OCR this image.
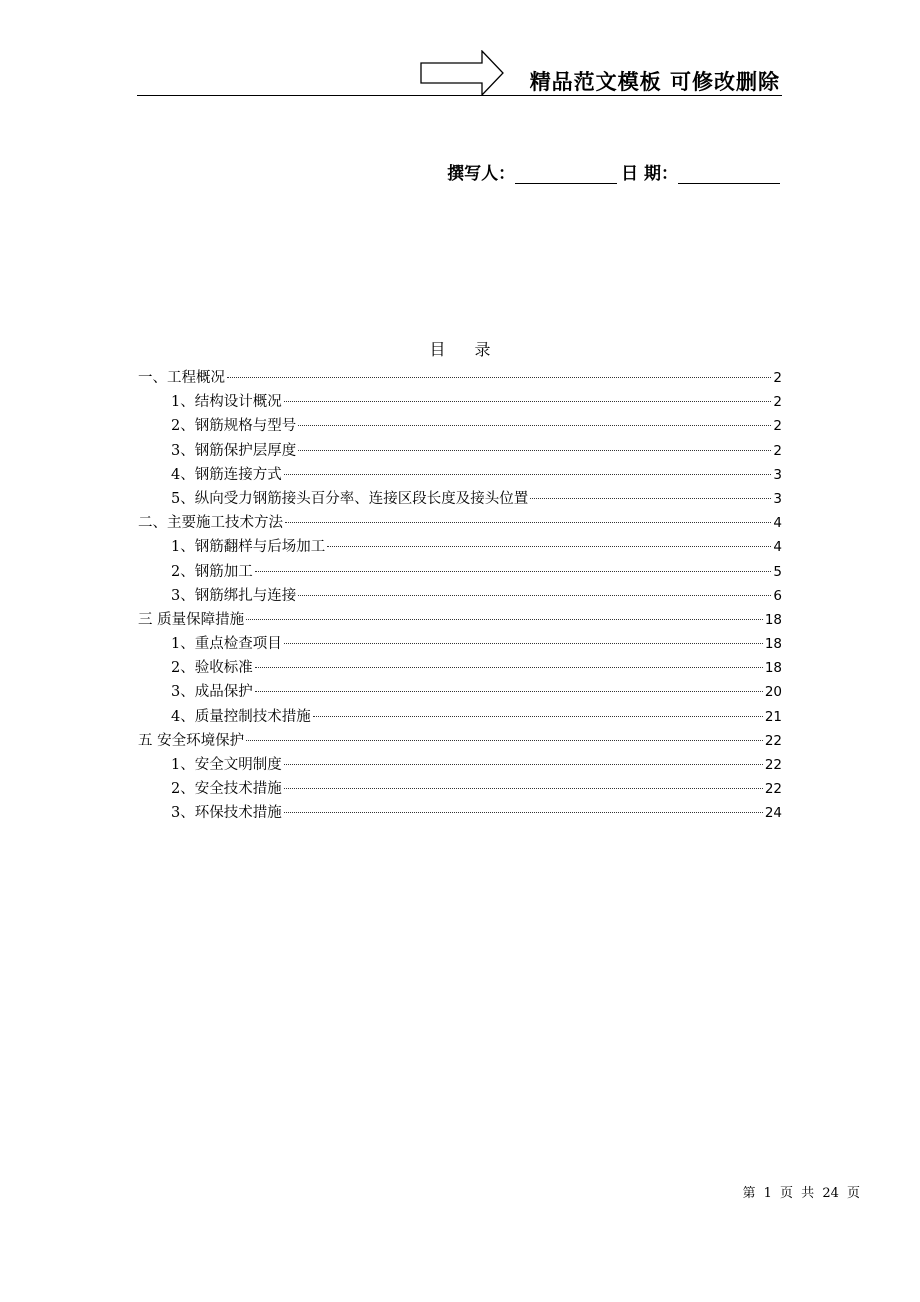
精品范文模板 可修改删除
撰写人：	日 期：
目 录
一、工程概况	2
1、结构设计概况	2
2、钢筋规格与型号	2
3、钢筋保护层厚度	2
4、钢筋连接方式	3
5、纵向受力钢筋接头百分率、连接区段长度及接头位置	3
二、主要施工技术方法	4
1、钢筋翻样与后场加工	4
2、钢筋加工	5
3、钢筋绑扎与连接	6
三 质量保障措施	18
1、重点检查项目	18
2、验收标准	18
3、成品保护	20
4、质量控制技术措施	21
五 安全环境保护	22
1、安全文明制度	22
2、安全技术措施	22
3、环保技术措施	24
第 1 页 共 24 页
